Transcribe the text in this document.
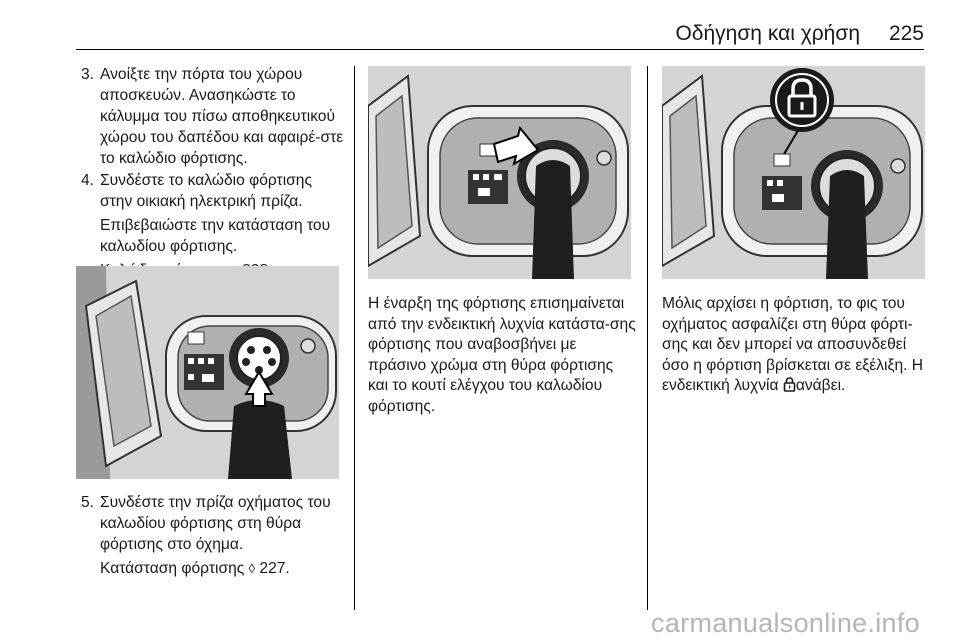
Οδήγηση και χρήση 225
3. Ανοίξτε την πόρτα του χώρου αποσκευών. Ανασηκώστε το κάλυμμα του πίσω αποθηκευτικού χώρου του δαπέδου και αφαιρέ-στε το καλώδιο φόρτισης.
4. Συνδέστε το καλώδιο φόρτισης στην οικιακή ηλεκτρική πρίζα.
Επιβεβαιώστε την κατάσταση του καλωδίου φόρτισης.
5. Συνδέστε την πρίζα οχήματος του καλωδίου φόρτισης στη θύρα φόρτισης στο όχημα.
Κατάσταση φόρτισης ◊ 227.
Η έναρξη της φόρτισης επισημαίνεται από την ενδεικτική λυχνία κατάστα-σης φόρτισης που αναβοσβήνει με πράσινο χρώμα στη θύρα φόρτισης και το κουτί ελέγχου του καλωδίου φόρτισης.
Μόλις αρχίσει η φόρτιση, το φις του οχήματος ασφαλίζει στη θύρα φόρτι-σης και δεν μπορεί να αποσυνδεθεί όσο η φόρτιση βρίσκεται σε εξέλιξη. Η ενδεικτική λυχνία ανάβει.
carmanualsonline.info
